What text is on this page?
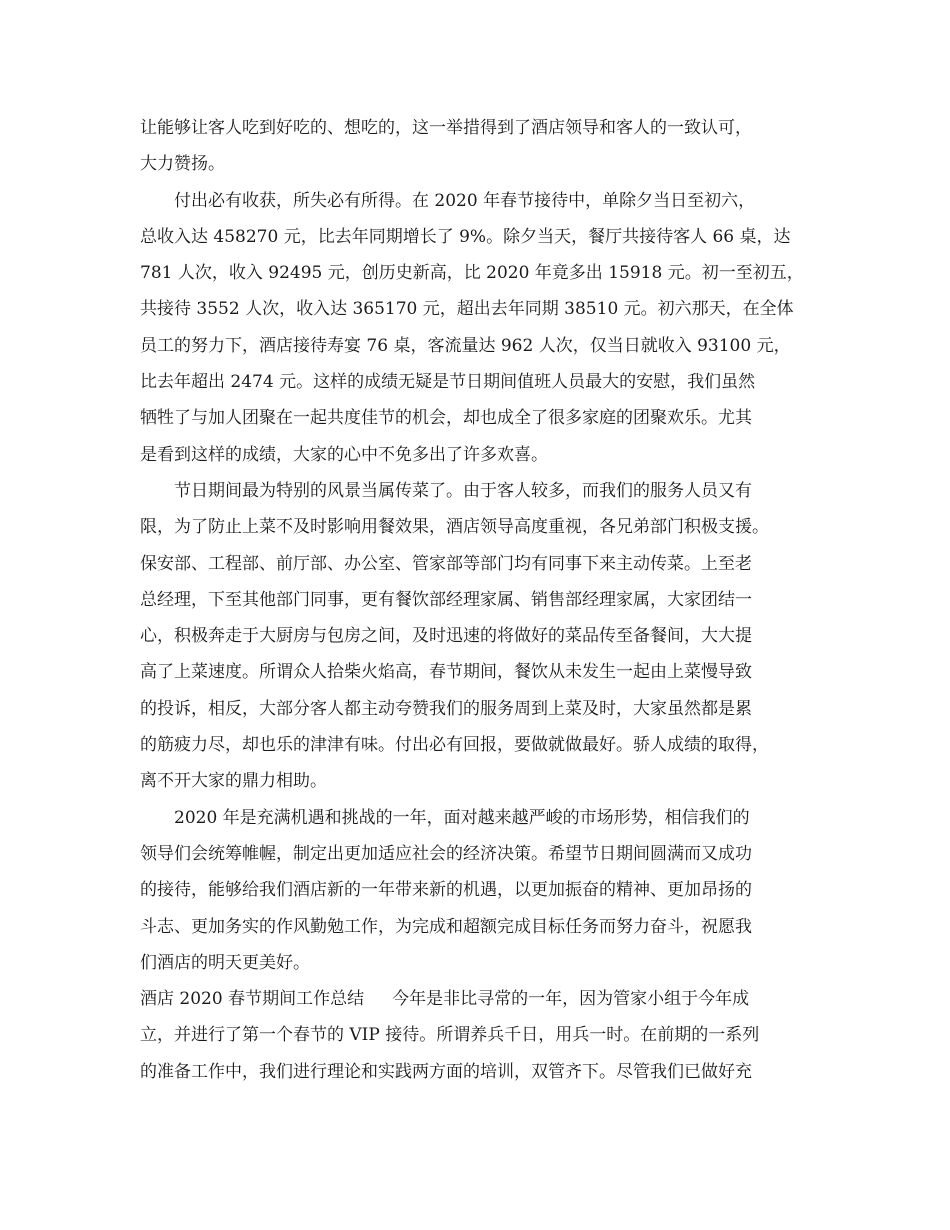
让能够让客人吃到好吃的、想吃的，这一举措得到了酒店领导和客人的一致认可，
大力赞扬。
付出必有收获，所失必有所得。在 2020 年春节接待中，单除夕当日至初六，
总收入达 458270 元，比去年同期增长了 9%。除夕当天，餐厅共接待客人 66 桌，达
781 人次，收入 92495 元，创历史新高，比 2020 年竟多出 15918 元。初一至初五，
共接待 3552 人次，收入达 365170 元，超出去年同期 38510 元。初六那天，在全体
员工的努力下，酒店接待寿宴 76 桌，客流量达 962 人次，仅当日就收入 93100 元，
比去年超出 2474 元。这样的成绩无疑是节日期间值班人员最大的安慰，我们虽然
牺牲了与加人团聚在一起共度佳节的机会，却也成全了很多家庭的团聚欢乐。尤其
是看到这样的成绩，大家的心中不免多出了许多欢喜。
节日期间最为特别的风景当属传菜了。由于客人较多，而我们的服务人员又有
限，为了防止上菜不及时影响用餐效果，酒店领导高度重视，各兄弟部门积极支援。
保安部、工程部、前厅部、办公室、管家部等部门均有同事下来主动传菜。上至老
总经理，下至其他部门同事，更有餐饮部经理家属、销售部经理家属，大家团结一
心，积极奔走于大厨房与包房之间，及时迅速的将做好的菜品传至备餐间，大大提
高了上菜速度。所谓众人拾柴火焰高，春节期间，餐饮从未发生一起由上菜慢导致
的投诉，相反，大部分客人都主动夸赞我们的服务周到上菜及时，大家虽然都是累
的筋疲力尽，却也乐的津津有味。付出必有回报，要做就做最好。骄人成绩的取得，
离不开大家的鼎力相助。
2020 年是充满机遇和挑战的一年，面对越来越严峻的市场形势，相信我们的
领导们会统筹帷幄，制定出更加适应社会的经济决策。希望节日期间圆满而又成功
的接待，能够给我们酒店新的一年带来新的机遇，以更加振奋的精神、更加昂扬的
斗志、更加务实的作风勤勉工作，为完成和超额完成目标任务而努力奋斗，祝愿我
们酒店的明天更美好。
酒店 2020 春节期间工作总结 今年是非比寻常的一年，因为管家小组于今年成
立，并进行了第一个春节的 VIP 接待。所谓养兵千日，用兵一时。在前期的一系列
的准备工作中，我们进行理论和实践两方面的培训，双管齐下。尽管我们已做好充
